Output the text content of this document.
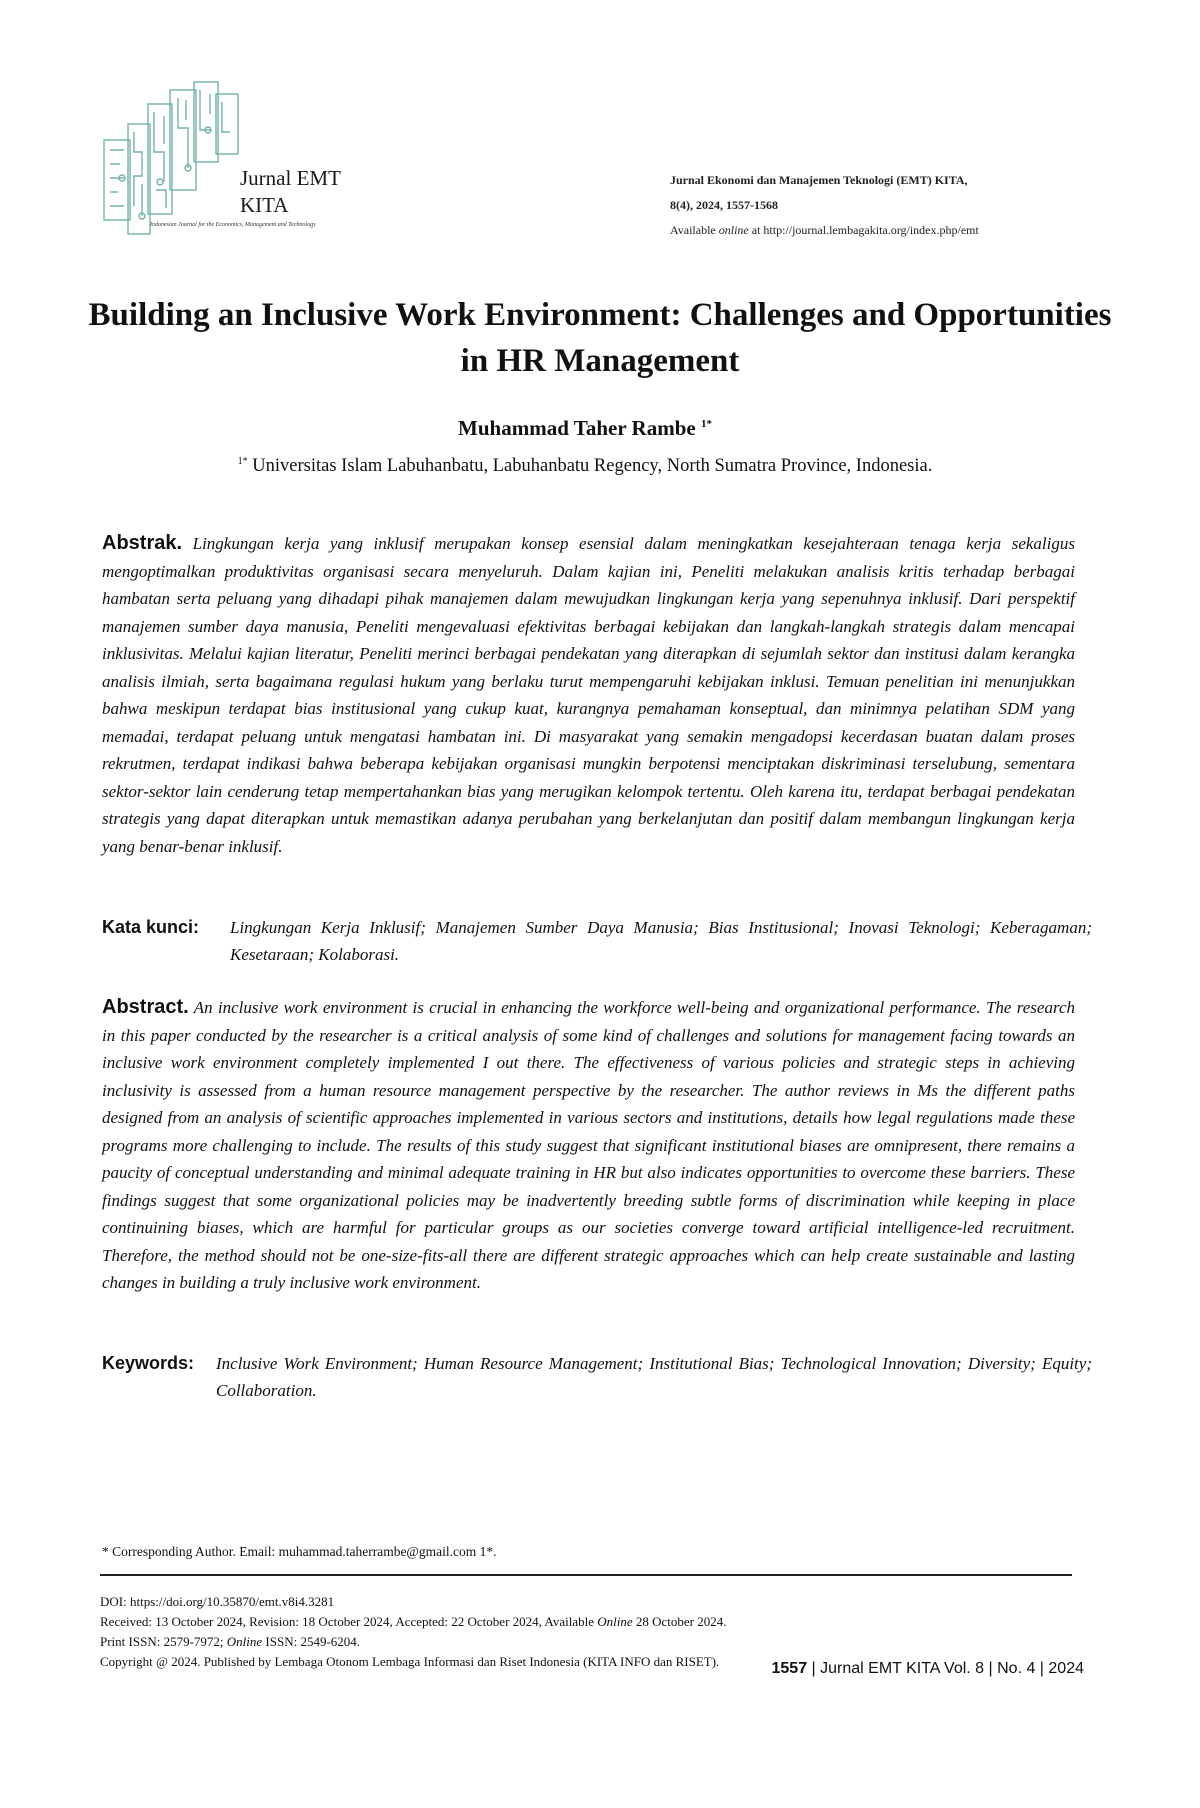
Jurnal EMT
KITA
Indonesian Journal for the Economics, Management and Technology
Jurnal Ekonomi dan Manajemen Teknologi (EMT) KITA,
8(4), 2024, 1557-1568
Available online at http://journal.lembagakita.org/index.php/emt
Building an Inclusive Work Environment: Challenges and Opportunities in HR Management
Muhammad Taher Rambe $^{1*}$
$^{1*}$ Universitas Islam Labuhanbatu, Labuhanbatu Regency, North Sumatra Province, Indonesia.
Abstrak. Lingkungan kerja yang inklusif merupakan konsep esensial dalam meningkatkan kesejahteraan tenaga kerja sekaligus mengoptimalkan produktivitas organisasi secara menyeluruh. Dalam kajian ini, Peneliti melakukan analisis kritis terhadap berbagai hambatan serta peluang yang dihadapi pihak manajemen dalam mewujudkan lingkungan kerja yang sepenuhnya inklusif. Dari perspektif manajemen sumber daya manusia, Peneliti mengevaluasi efektivitas berbagai kebijakan dan langkah-langkah strategis dalam mencapai inklusivitas. Melalui kajian literatur, Peneliti merinci berbagai pendekatan yang diterapkan di sejumlah sektor dan institusi dalam kerangka analisis ilmiah, serta bagaimana regulasi hukum yang berlaku turut mempengaruhi kebijakan inklusi. Temuan penelitian ini menunjukkan bahwa meskipun terdapat bias institusional yang cukup kuat, kurangnya pemahaman konseptual, dan minimnya pelatihan SDM yang memadai, terdapat peluang untuk mengatasi hambatan ini. Di masyarakat yang semakin mengadopsi kecerdasan buatan dalam proses rekrutmen, terdapat indikasi bahwa beberapa kebijakan organisasi mungkin berpotensi menciptakan diskriminasi terselubung, sementara sektor-sektor lain cenderung tetap mempertahankan bias yang merugikan kelompok tertentu. Oleh karena itu, terdapat berbagai pendekatan strategis yang dapat diterapkan untuk memastikan adanya perubahan yang berkelanjutan dan positif dalam membangun lingkungan kerja yang benar-benar inklusif.
Kata kunci: Lingkungan Kerja Inklusif; Manajemen Sumber Daya Manusia; Bias Institusional; Inovasi Teknologi; Keberagaman; Kesetaraan; Kolaborasi.
Abstract. An inclusive work environment is crucial in enhancing the workforce well-being and organizational performance. The research in this paper conducted by the researcher is a critical analysis of some kind of challenges and solutions for management facing towards an inclusive work environment completely implemented I out there. The effectiveness of various policies and strategic steps in achieving inclusivity is assessed from a human resource management perspective by the researcher. The author reviews in Ms the different paths designed from an analysis of scientific approaches implemented in various sectors and institutions, details how legal regulations made these programs more challenging to include. The results of this study suggest that significant institutional biases are omnipresent, there remains a paucity of conceptual understanding and minimal adequate training in HR but also indicates opportunities to overcome these barriers. These findings suggest that some organizational policies may be inadvertently breeding subtle forms of discrimination while keeping in place continuining biases, which are harmful for particular groups as our societies converge toward artificial intelligence-led recruitment. Therefore, the method should not be one-size-fits-all there are different strategic approaches which can help create sustainable and lasting changes in building a truly inclusive work environment.
Keywords: Inclusive Work Environment; Human Resource Management; Institutional Bias; Technological Innovation; Diversity; Equity; Collaboration.
* Corresponding Author. Email: muhammad.taherrambe@gmail.com 1*.
DOI: https://doi.org/10.35870/emt.v8i4.3281
Received: 13 October 2024, Revision: 18 October 2024, Accepted: 22 October 2024, Available Online 28 October 2024.
Print ISSN: 2579-7972; Online ISSN: 2549-6204.
Copyright @ 2024. Published by Lembaga Otonom Lembaga Informasi dan Riset Indonesia (KITA INFO dan RISET).	1557 | Jurnal EMT KITA Vol. 8 | No. 4 | 2024
